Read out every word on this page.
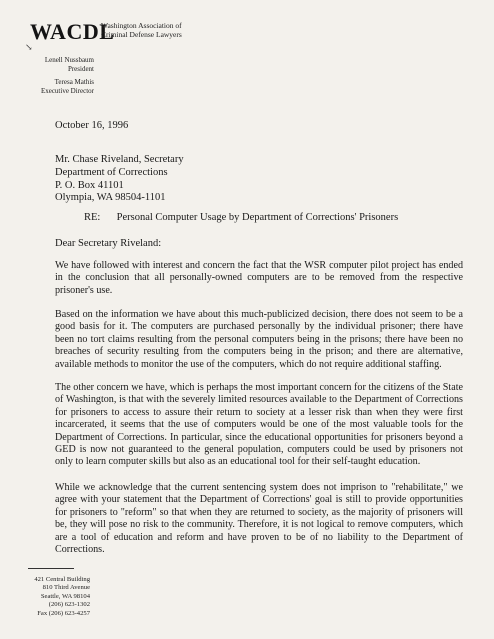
WACDL
Washington Association of
Criminal Defense Lawyers
↘
Lenell Nussbaum
President
Teresa Mathis
Executive Director
October 16, 1996
Mr. Chase Riveland, Secretary
Department of Corrections
P. O. Box 41101
Olympia, WA 98504-1101
RE: Personal Computer Usage by Department of Corrections' Prisoners
Dear Secretary Riveland:

We have followed with interest and concern the fact that the WSR computer pilot project has ended in the conclusion that all personally-owned computers are to be removed from the respective prisoner's use.

Based on the information we have about this much-publicized decision, there does not seem to be a good basis for it. The computers are purchased personally by the individual prisoner; there have been no tort claims resulting from the personal computers being in the prisons; there have been no breaches of security resulting from the computers being in the prison; and there are alternative, available methods to monitor the use of the computers, which do not require additional staffing.

The other concern we have, which is perhaps the most important concern for the citizens of the State of Washington, is that with the severely limited resources available to the Department of Corrections for prisoners to access to assure their return to society at a lesser risk than when they were first incarcerated, it seems that the use of computers would be one of the most valuable tools for the Department of Corrections. In particular, since the educational opportunities for prisoners beyond a GED is now not guaranteed to the general population, computers could be used by prisoners not only to learn computer skills but also as an educational tool for their self-taught education.

While we acknowledge that the current sentencing system does not imprison to "rehabilitate," we agree with your statement that the Department of Corrections' goal is still to provide opportunities for prisoners to "reform" so that when they are returned to society, as the majority of prisoners will be, they will pose no risk to the community. Therefore, it is not logical to remove computers, which are a tool of education and reform and have proven to be of no liability to the Department of Corrections.

421 Central Building
810 Third Avenue
Seattle, WA 98104
(206) 623-1302
Fax (206) 623-4257
